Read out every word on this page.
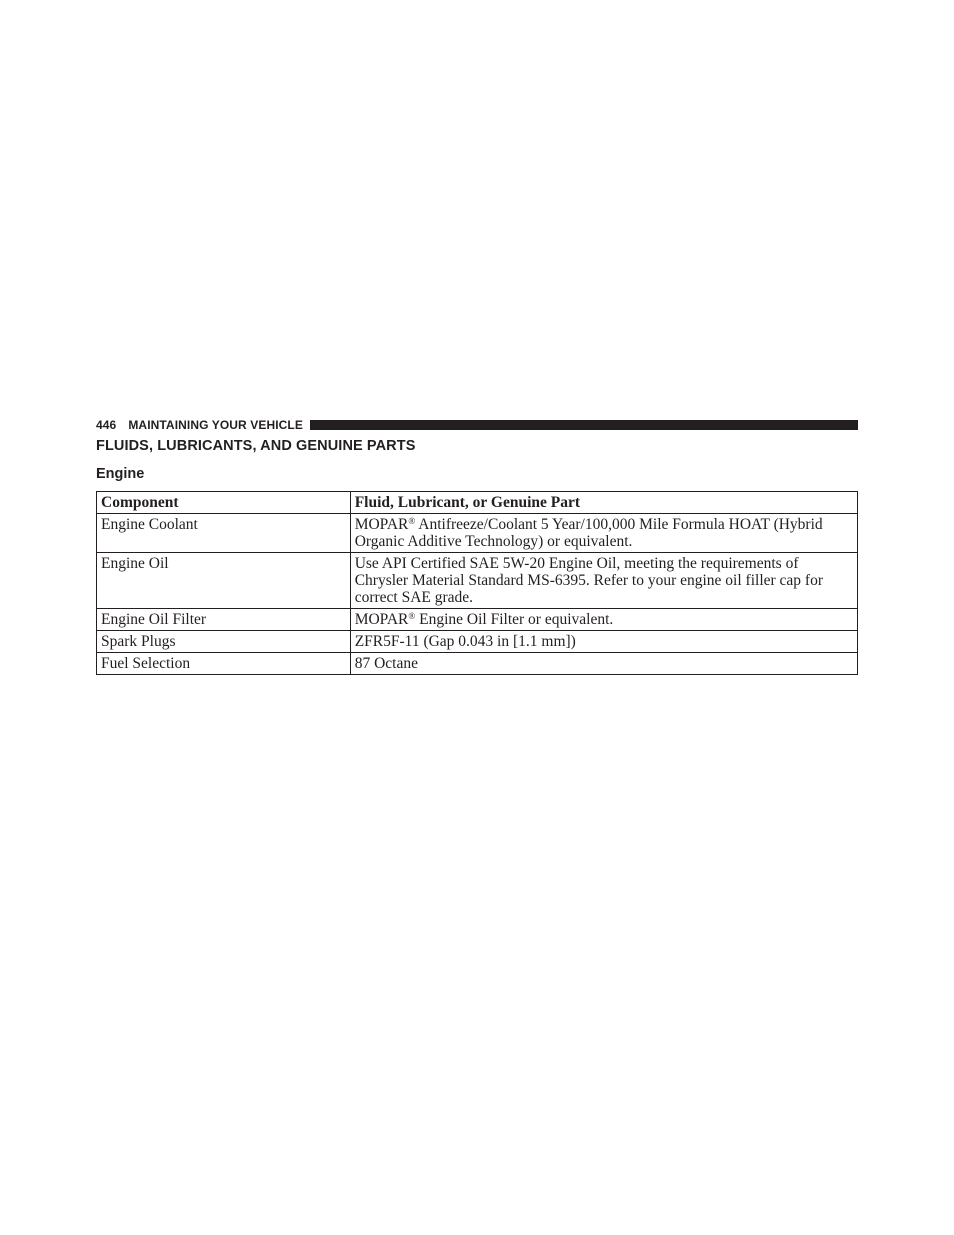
446 MAINTAINING YOUR VEHICLE
FLUIDS, LUBRICANTS, AND GENUINE PARTS
Engine
Component	Fluid, Lubricant, or Genuine Part
Engine Coolant	MOPAR® Antifreeze/Coolant 5 Year/100,000 Mile Formula HOAT (Hybrid Organic Additive Technology) or equivalent.
Engine Oil	Use API Certified SAE 5W-20 Engine Oil, meeting the requirements of Chrysler Material Standard MS-6395. Refer to your engine oil filler cap for correct SAE grade.
Engine Oil Filter	MOPAR® Engine Oil Filter or equivalent.
Spark Plugs	ZFR5F-11 (Gap 0.043 in [1.1 mm])
Fuel Selection	87 Octane
